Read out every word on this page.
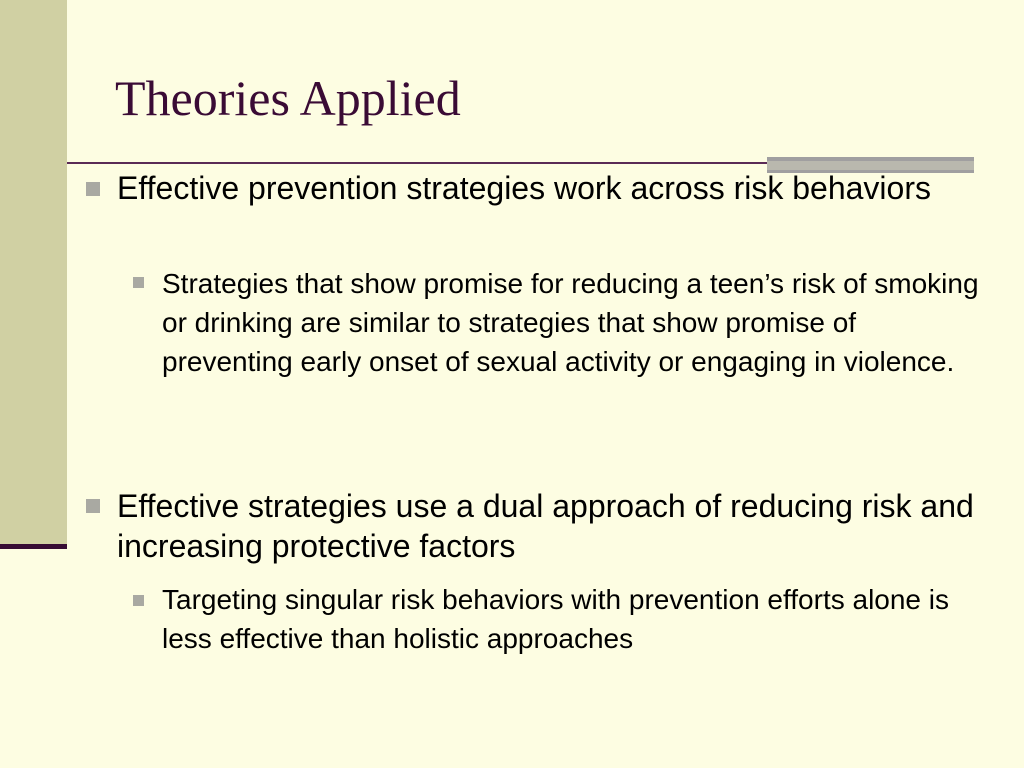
Theories Applied
Effective prevention strategies work across risk behaviors
Strategies that show promise for reducing a teen’s risk of smoking or drinking are similar to strategies that show promise of preventing early onset of sexual activity or engaging in violence.
Effective strategies use a dual approach of reducing risk and increasing protective factors
Targeting singular risk behaviors with prevention efforts alone is less effective than holistic approaches
